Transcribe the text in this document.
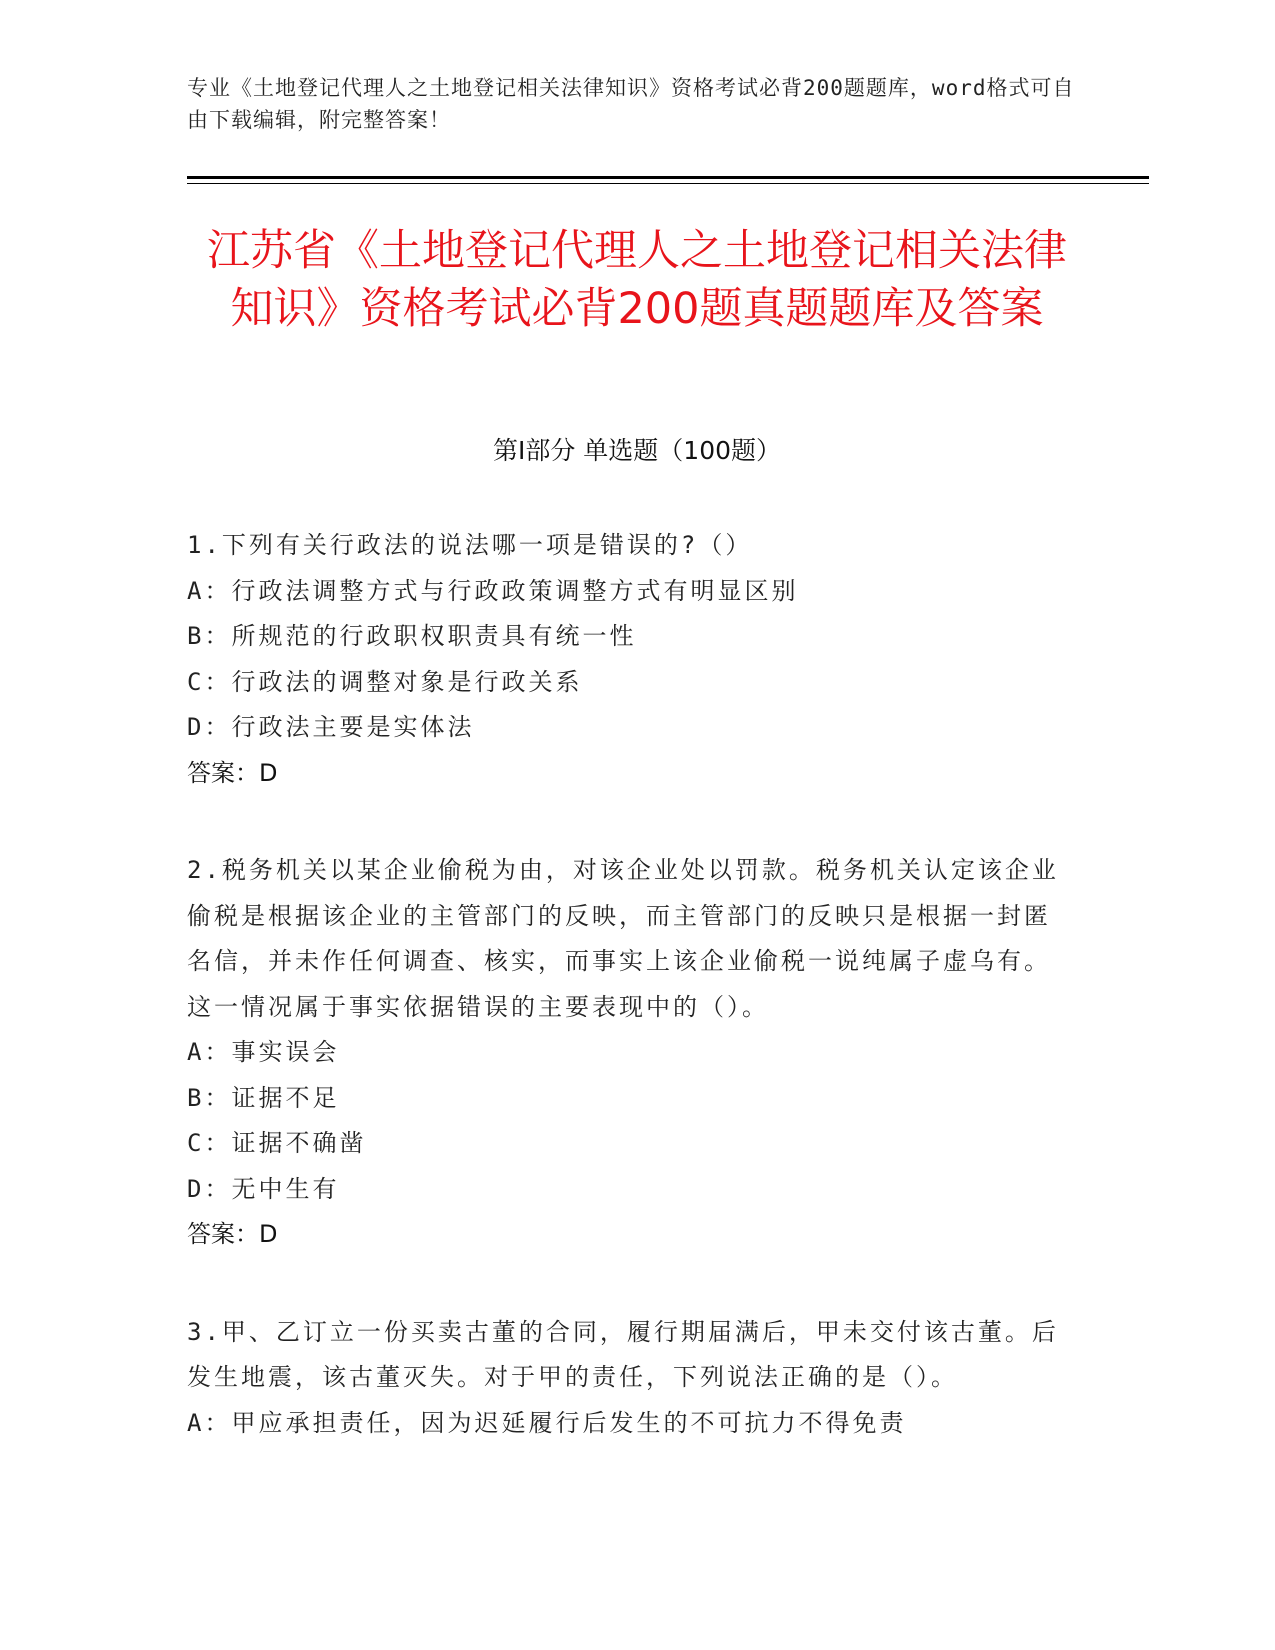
专业《土地登记代理人之土地登记相关法律知识》资格考试必背200题题库，word格式可自由下载编辑，附完整答案！
江苏省《土地登记代理人之土地登记相关法律知识》资格考试必背200题真题题库及答案
第Ⅰ部分 单选题（100题）

1.下列有关行政法的说法哪一项是错误的?（）

A：行政法调整方式与行政政策调整方式有明显区别

B：所规范的行政职权职责具有统一性

C：行政法的调整对象是行政关系

D：行政法主要是实体法

答案：D

2.税务机关以某企业偷税为由，对该企业处以罚款。税务机关认定该企业偷税是根据该企业的主管部门的反映，而主管部门的反映只是根据一封匿名信，并未作任何调查、核实，而事实上该企业偷税一说纯属子虚乌有。这一情况属于事实依据错误的主要表现中的（）。

A：事实误会

B：证据不足

C：证据不确凿

D：无中生有

答案：D

3.甲、乙订立一份买卖古董的合同，履行期届满后，甲未交付该古董。后发生地震，该古董灭失。对于甲的责任，下列说法正确的是（）。

A：甲应承担责任，因为迟延履行后发生的不可抗力不得免责
